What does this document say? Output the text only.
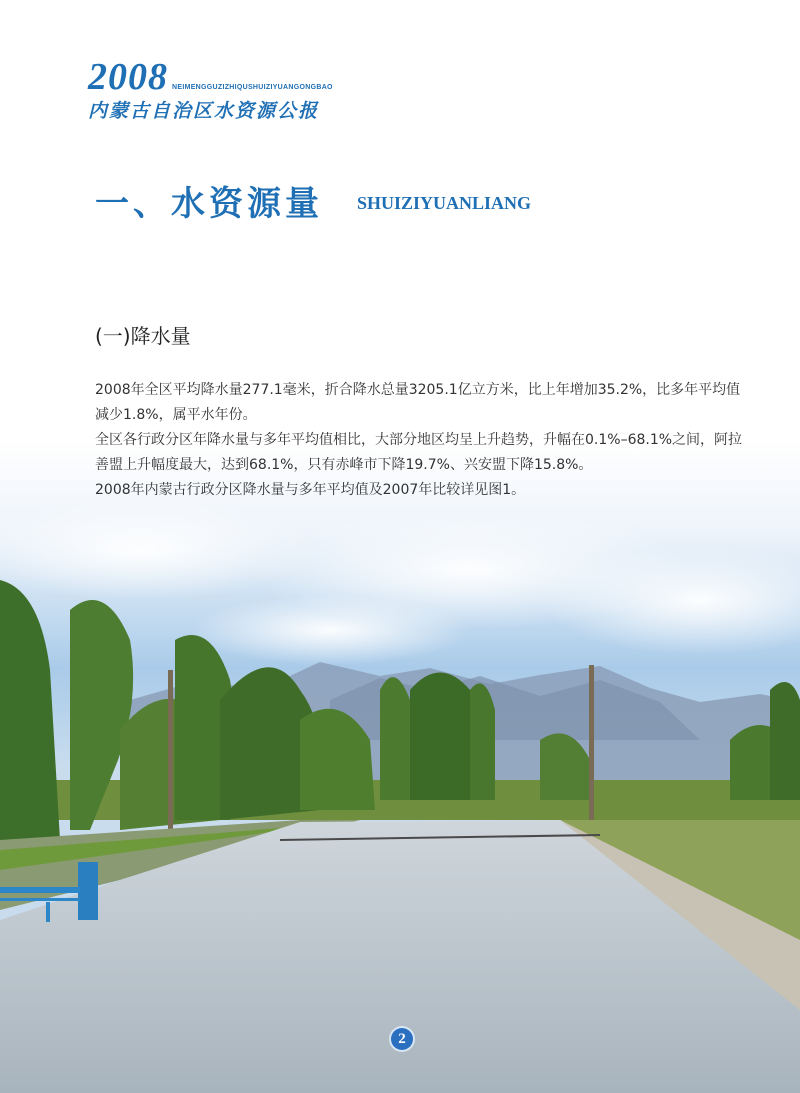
2008 NEIMENGGUZIZHIQUSHUIZIYUANGONGBAO
内蒙古自治区水资源公报
一、水资源量 SHUIZIYUANLIANG
(一)降水量

2008年全区平均降水量277.1毫米，折合降水总量3205.1亿立方米，比上年增加35.2%，比多年平均值减少1.8%，属平水年份。

全区各行政分区年降水量与多年平均值相比，大部分地区均呈上升趋势，升幅在0.1%–68.1%之间，阿拉善盟上升幅度最大，达到68.1%，只有赤峰市下降19.7%、兴安盟下降15.8%。

2008年内蒙古行政分区降水量与多年平均值及2007年比较详见图1。

2
